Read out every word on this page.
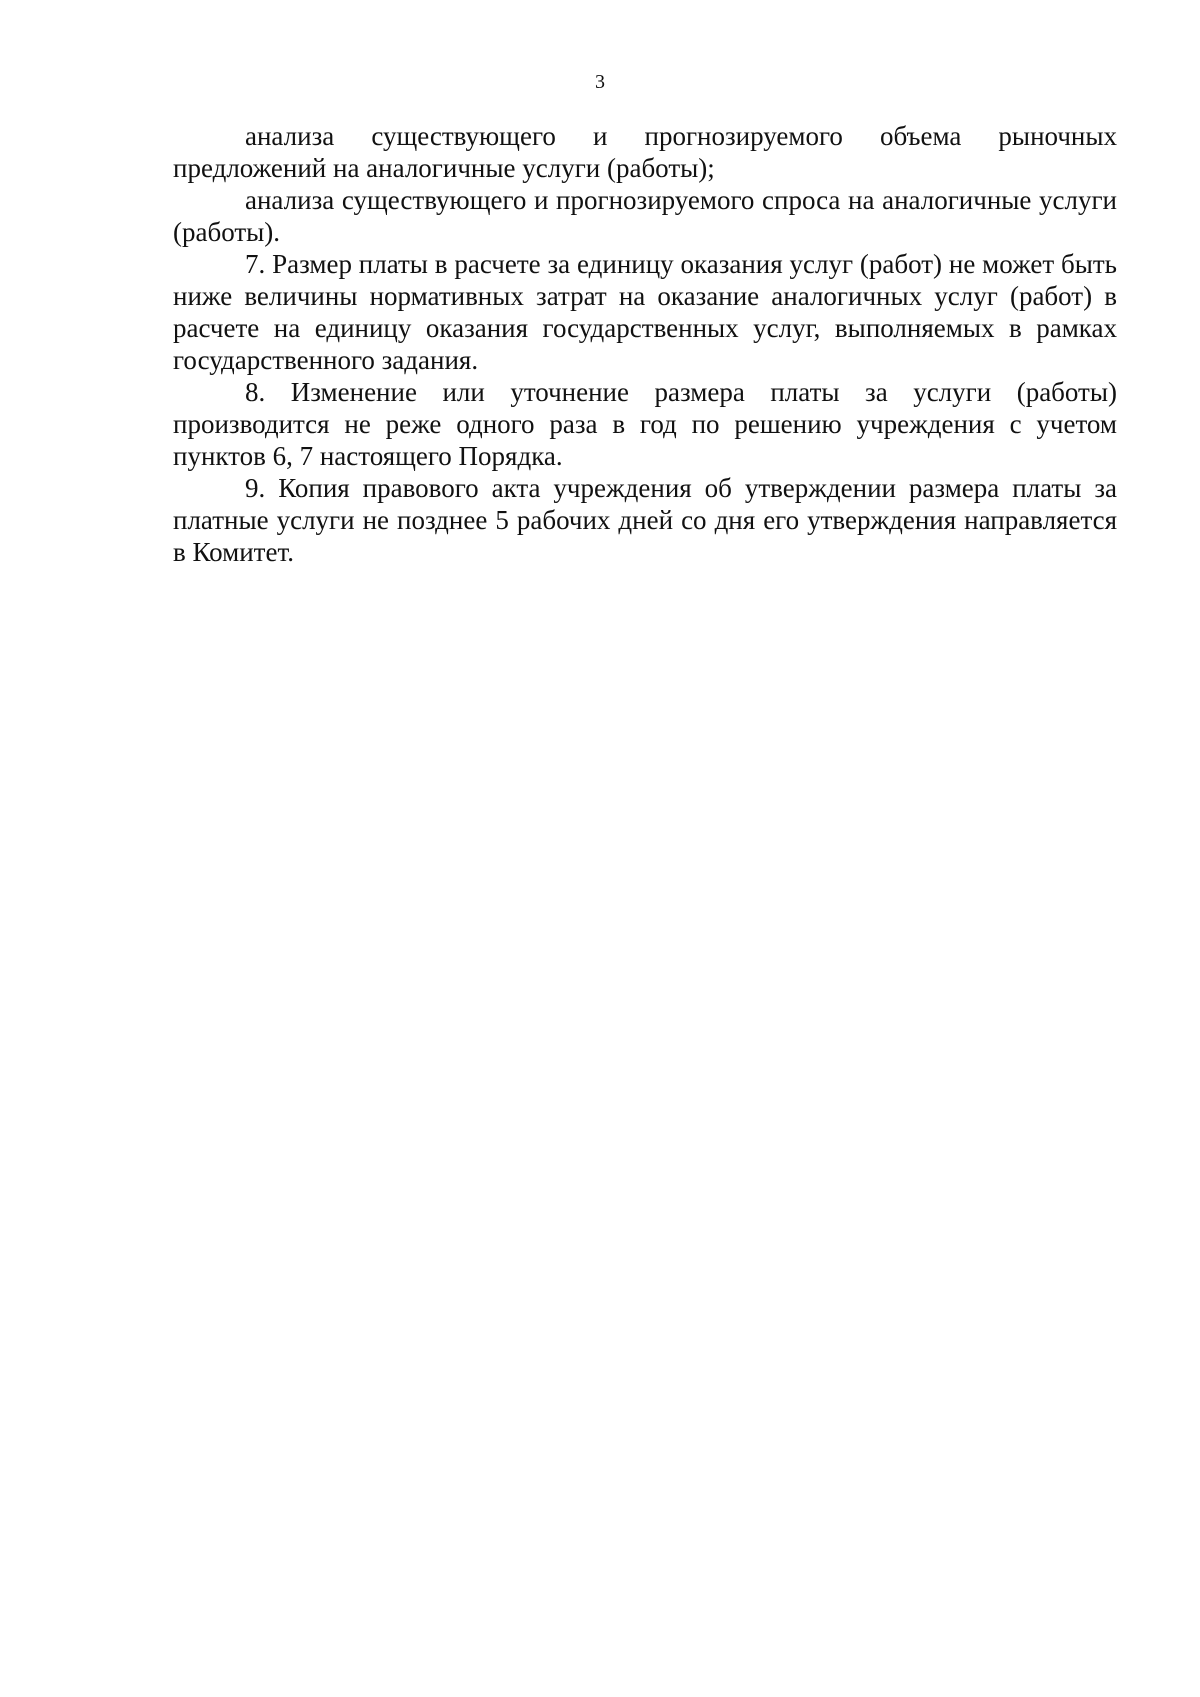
3

анализа существующего и прогнозируемого объема рыночных предложений на аналогичные услуги (работы);

анализа существующего и прогнозируемого спроса на аналогичные услуги (работы).

7. Размер платы в расчете за единицу оказания услуг (работ) не может быть ниже величины нормативных затрат на оказание аналогичных услуг (работ) в расчете на единицу оказания государственных услуг, выполняемых в рамках государственного задания.

8. Изменение или уточнение размера платы за услуги (работы) производится не реже одного раза в год по решению учреждения с учетом пунктов 6, 7 настоящего Порядка.

9. Копия правового акта учреждения об утверждении размера платы за платные услуги не позднее 5 рабочих дней со дня его утверждения направляется в Комитет.
